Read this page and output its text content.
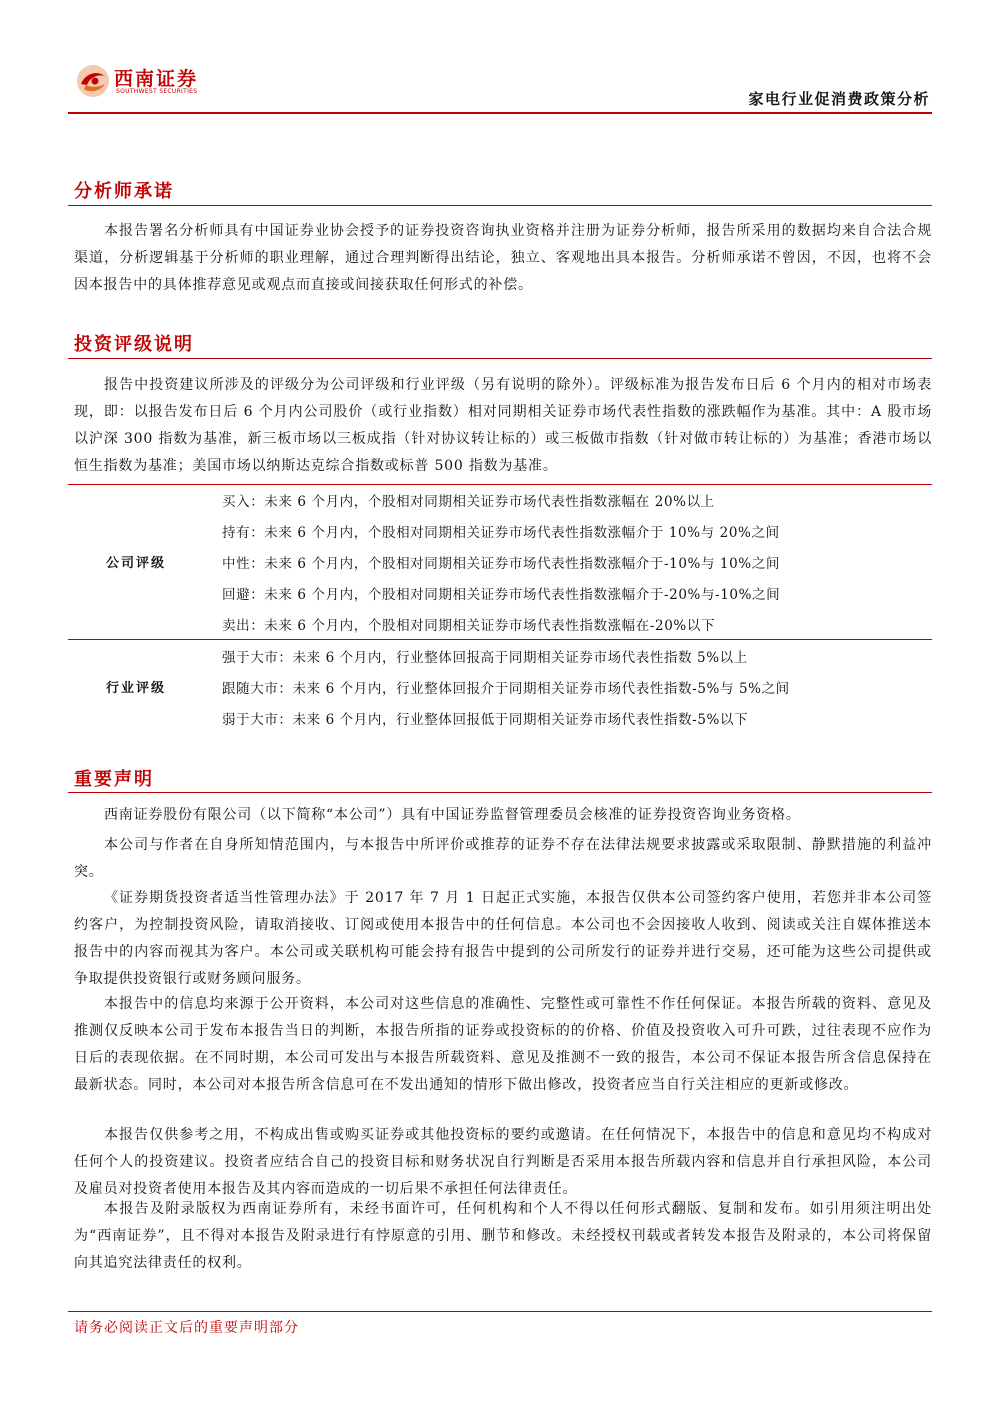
西南证券
SOUTHWEST SECURITIES	家电行业促消费政策分析
分析师承诺

本报告署名分析师具有中国证券业协会授予的证券投资咨询执业资格并注册为证券分析师，报告所采用的数据均来自合法合规渠道，分析逻辑基于分析师的职业理解，通过合理判断得出结论，独立、客观地出具本报告。分析师承诺不曾因，不因，也将不会因本报告中的具体推荐意见或观点而直接或间接获取任何形式的补偿。

投资评级说明

报告中投资建议所涉及的评级分为公司评级和行业评级（另有说明的除外）。评级标准为报告发布日后 6 个月内的相对市场表现，即：以报告发布日后 6 个月内公司股价（或行业指数）相对同期相关证券市场代表性指数的涨跌幅作为基准。其中：A 股市场以沪深 300 指数为基准，新三板市场以三板成指（针对协议转让标的）或三板做市指数（针对做市转让标的）为基准；香港市场以恒生指数为基准；美国市场以纳斯达克综合指数或标普 500 指数为基准。

公司评级
买入：未来 6 个月内，个股相对同期相关证券市场代表性指数涨幅在 20%以上
持有：未来 6 个月内，个股相对同期相关证券市场代表性指数涨幅介于 10%与 20%之间
中性：未来 6 个月内，个股相对同期相关证券市场代表性指数涨幅介于-10%与 10%之间
回避：未来 6 个月内，个股相对同期相关证券市场代表性指数涨幅介于-20%与-10%之间
卖出：未来 6 个月内，个股相对同期相关证券市场代表性指数涨幅在-20%以下
行业评级
强于大市：未来 6 个月内，行业整体回报高于同期相关证券市场代表性指数 5%以上
跟随大市：未来 6 个月内，行业整体回报介于同期相关证券市场代表性指数-5%与 5%之间
弱于大市：未来 6 个月内，行业整体回报低于同期相关证券市场代表性指数-5%以下
重要声明

西南证券股份有限公司（以下简称“本公司”）具有中国证券监督管理委员会核准的证券投资咨询业务资格。

本公司与作者在自身所知情范围内，与本报告中所评价或推荐的证券不存在法律法规要求披露或采取限制、静默措施的利益冲突。

《证券期货投资者适当性管理办法》于 2017 年 7 月 1 日起正式实施，本报告仅供本公司签约客户使用，若您并非本公司签约客户，为控制投资风险，请取消接收、订阅或使用本报告中的任何信息。本公司也不会因接收人收到、阅读或关注自媒体推送本报告中的内容而视其为客户。本公司或关联机构可能会持有报告中提到的公司所发行的证券并进行交易，还可能为这些公司提供或争取提供投资银行或财务顾问服务。

本报告中的信息均来源于公开资料，本公司对这些信息的准确性、完整性或可靠性不作任何保证。本报告所载的资料、意见及推测仅反映本公司于发布本报告当日的判断，本报告所指的证券或投资标的的价格、价值及投资收入可升可跌，过往表现不应作为日后的表现依据。在不同时期，本公司可发出与本报告所载资料、意见及推测不一致的报告，本公司不保证本报告所含信息保持在最新状态。同时，本公司对本报告所含信息可在不发出通知的情形下做出修改，投资者应当自行关注相应的更新或修改。

本报告仅供参考之用，不构成出售或购买证券或其他投资标的要约或邀请。在任何情况下，本报告中的信息和意见均不构成对任何个人的投资建议。投资者应结合自己的投资目标和财务状况自行判断是否采用本报告所载内容和信息并自行承担风险，本公司及雇员对投资者使用本报告及其内容而造成的一切后果不承担任何法律责任。

本报告及附录版权为西南证券所有，未经书面许可，任何机构和个人不得以任何形式翻版、复制和发布。如引用须注明出处为“西南证券”，且不得对本报告及附录进行有悖原意的引用、删节和修改。未经授权刊载或者转发本报告及附录的，本公司将保留向其追究法律责任的权利。

请务必阅读正文后的重要声明部分
